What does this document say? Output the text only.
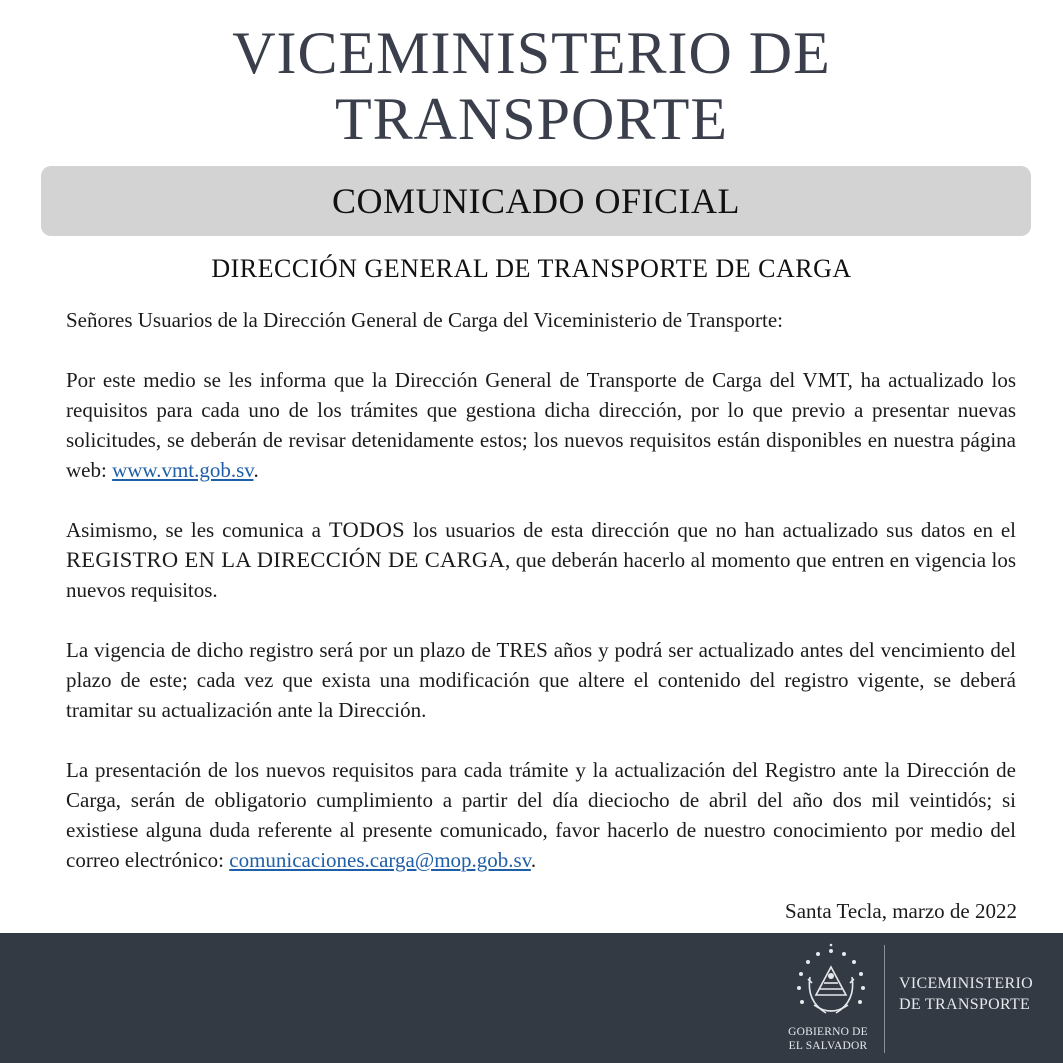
VICEMINISTERIO DE
TRANSPORTE
COMUNICADO OFICIAL
DIRECCIÓN GENERAL DE TRANSPORTE DE CARGA

Señores Usuarios de la Dirección General de Carga del Viceministerio de Transporte:

Por este medio se les informa que la Dirección General de Transporte de Carga del VMT, ha actualizado los requisitos para cada uno de los trámites que gestiona dicha dirección, por lo que previo a presentar nuevas solicitudes, se deberán de revisar detenidamente estos; los nuevos requisitos están disponibles en nuestra página web: www.vmt.gob.sv.

Asimismo, se les comunica a TODOS los usuarios de esta dirección que no han actualizado sus datos en el REGISTRO EN LA DIRECCIÓN DE CARGA, que deberán hacerlo al momento que entren en vigencia los nuevos requisitos.

La vigencia de dicho registro será por un plazo de TRES años y podrá ser actualizado antes del vencimiento del plazo de este; cada vez que exista una modificación que altere el contenido del registro vigente, se deberá tramitar su actualización ante la Dirección.

La presentación de los nuevos requisitos para cada trámite y la actualización del Registro ante la Dirección de Carga, serán de obligatorio cumplimiento a partir del día dieciocho de abril del año dos mil veintidós; si existiese alguna duda referente al presente comunicado, favor hacerlo de nuestro conocimiento por medio del correo electrónico: comunicaciones.carga@mop.gob.sv.

Santa Tecla, marzo de 2022
GOBIERNO DE
EL SALVADOR
VICEMINISTERIO
DE TRANSPORTE
